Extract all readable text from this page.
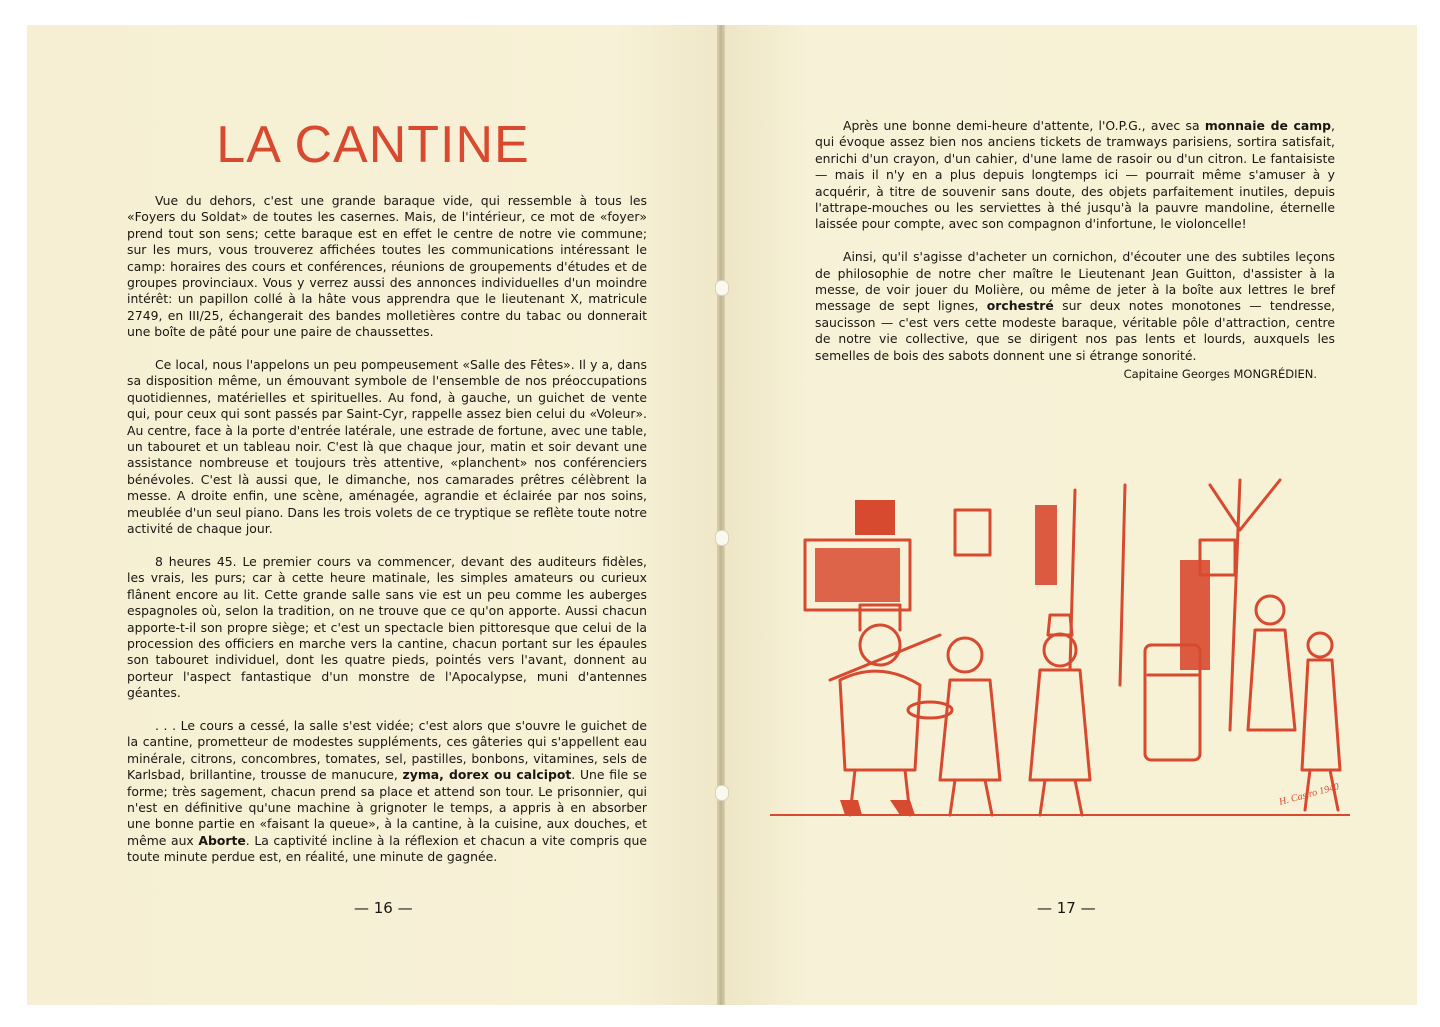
LA CANTINE

Vue du dehors, c'est une grande baraque vide, qui ressemble à tous les «Foyers du Soldat» de toutes les casernes. Mais, de l'intérieur, ce mot de «foyer» prend tout son sens; cette baraque est en effet le centre de notre vie commune; sur les murs, vous trouverez affichées toutes les communications intéressant le camp: horaires des cours et conférences, réunions de groupements d'études et de groupes provinciaux. Vous y verrez aussi des annonces individuelles d'un moindre intérêt: un papillon collé à la hâte vous apprendra que le lieutenant X, matricule 2749, en III/25, échangerait des bandes molletières contre du tabac ou donnerait une boîte de pâté pour une paire de chaussettes.

Ce local, nous l'appelons un peu pompeusement «Salle des Fêtes». Il y a, dans sa disposition même, un émouvant symbole de l'ensemble de nos préoccupations quotidiennes, matérielles et spirituelles. Au fond, à gauche, un guichet de vente qui, pour ceux qui sont passés par Saint-Cyr, rappelle assez bien celui du «Voleur». Au centre, face à la porte d'entrée latérale, une estrade de fortune, avec une table, un tabouret et un tableau noir. C'est là que chaque jour, matin et soir devant une assistance nombreuse et toujours très attentive, «planchent» nos conférenciers bénévoles. C'est là aussi que, le dimanche, nos camarades prêtres célèbrent la messe. A droite enfin, une scène, aménagée, agrandie et éclairée par nos soins, meublée d'un seul piano. Dans les trois volets de ce tryptique se reflète toute notre activité de chaque jour.

8 heures 45. Le premier cours va commencer, devant des auditeurs fidèles, les vrais, les purs; car à cette heure matinale, les simples amateurs ou curieux flânent encore au lit. Cette grande salle sans vie est un peu comme les auberges espagnoles où, selon la tradition, on ne trouve que ce qu'on apporte. Aussi chacun apporte-t-il son propre siège; et c'est un spectacle bien pittoresque que celui de la procession des officiers en marche vers la cantine, chacun portant sur les épaules son tabouret individuel, dont les quatre pieds, pointés vers l'avant, donnent au porteur l'aspect fantastique d'un monstre de l'Apocalypse, muni d'antennes géantes.

. . . Le cours a cessé, la salle s'est vidée; c'est alors que s'ouvre le guichet de la cantine, prometteur de modestes suppléments, ces gâteries qui s'appellent eau minérale, citrons, concombres, tomates, sel, pastilles, bonbons, vitamines, sels de Karlsbad, brillantine, trousse de manucure, zyma, dorex ou calcipot. Une file se forme; très sagement, chacun prend sa place et attend son tour. Le prisonnier, qui n'est en définitive qu'une machine à grignoter le temps, a appris à en absorber une bonne partie en «faisant la queue», à la cantine, à la cuisine, aux douches, et même aux Aborte. La captivité incline à la réflexion et chacun a vite compris que toute minute perdue est, en réalité, une minute de gagnée.

— 16 —

Après une bonne demi-heure d'attente, l'O.P.G., avec sa monnaie de camp, qui évoque assez bien nos anciens tickets de tramways parisiens, sortira satisfait, enrichi d'un crayon, d'un cahier, d'une lame de rasoir ou d'un citron. Le fantaisiste — mais il n'y en a plus depuis longtemps ici — pourrait même s'amuser à y acquérir, à titre de souvenir sans doute, des objets parfaitement inutiles, depuis l'attrape-mouches ou les serviettes à thé jusqu'à la pauvre mandoline, éternelle laissée pour compte, avec son compagnon d'infortune, le violoncelle!

Ainsi, qu'il s'agisse d'acheter un cornichon, d'écouter une des subtiles leçons de philosophie de notre cher maître le Lieutenant Jean Guitton, d'assister à la messe, de voir jouer du Molière, ou même de jeter à la boîte aux lettres le bref message de sept lignes, orchestré sur deux notes monotones — tendresse, saucisson — c'est vers cette modeste baraque, véritable pôle d'attraction, centre de notre vie collective, que se dirigent nos pas lents et lourds, auxquels les semelles de bois des sabots donnent une si étrange sonorité.

Capitaine Georges MONGRÉDIEN.

— 17 —
H. Castro 1940
